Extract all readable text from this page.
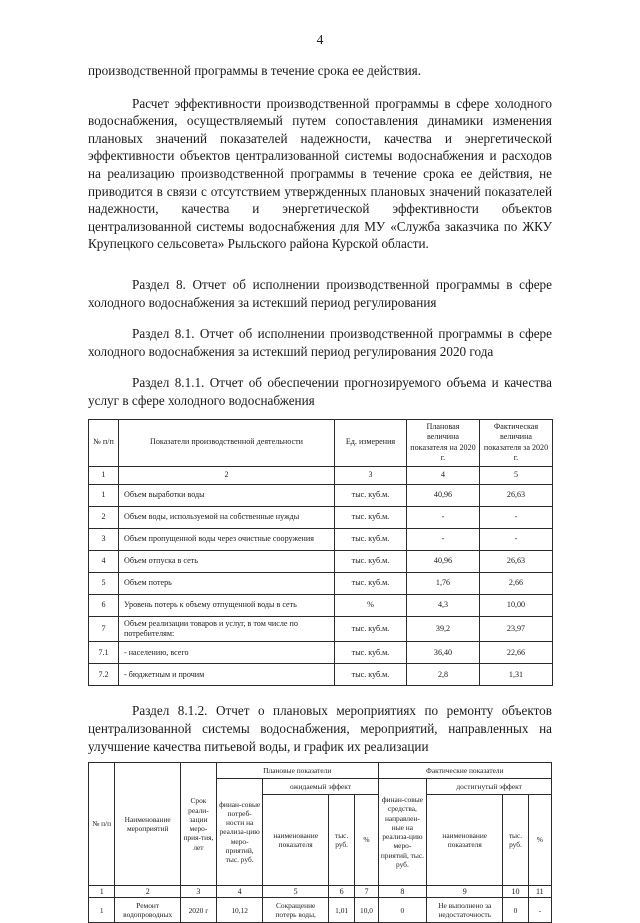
4

производственной программы в течение срока ее действия.

Расчет эффективности производственной программы в сфере холодного водоснабжения, осуществляемый путем сопоставления динамики изменения плановых значений показателей надежности, качества и энергетической эффективности объектов централизованной системы водоснабжения и расходов на реализацию производственной программы в течение срока ее действия, не приводится в связи с отсутствием утвержденных плановых значений показателей надежности, качества и энергетической эффективности объектов централизованной системы водоснабжения для МУ «Служба заказчика по ЖКУ Крупецкого сельсовета» Рыльского района Курской области.

Раздел 8. Отчет об исполнении производственной программы в сфере холодного водоснабжения за истекший период регулирования

Раздел 8.1. Отчет об исполнении производственной программы в сфере холодного водоснабжения за истекший период регулирования 2020 года

Раздел 8.1.1. Отчет об обеспечении прогнозируемого объема и качества услуг в сфере холодного водоснабжения

№ п/п	Показатели производственной деятельности	Ед. измерения	Плановая величина показателя на 2020 г.	Фактическая величина показателя за 2020 г.
1	2	3	4	5
1	Объем выработки воды	тыс. куб.м.	40,96	26,63
2	Объем воды, используемой на собственные нужды	тыс. куб.м.	-	-
3	Объем пропущенной воды через очистные сооружения	тыс. куб.м.	-	-
4	Объем отпуска в сеть	тыс. куб.м.	40,96	26,63
5	Объем потерь	тыс. куб.м.	1,76	2,66
6	Уровень потерь к объему отпущенной воды в сеть	%	4,3	10,00
7	Объем реализации товаров и услуг, в том числе по потребителям:	тыс. куб.м.	39,2	23,97
7.1	- населению, всего	тыс. куб.м.	36,40	22,66
7.2	- бюджетным и прочим	тыс. куб.м.	2,8	1,31

Раздел 8.1.2. Отчет о плановых мероприятиях по ремонту объектов централизованной системы водоснабжения, мероприятий, направленных на улучшение качества питьевой воды, и график их реализации

№ п/п	Наименование мероприятий	Срок реали-зации меро-прия-тия, лет	Плановые показатели				Фактические показатели			
			финан-совые потреб-ности на реализа-цию меро-приятий, тыс. руб.	ожидаемый эффект			финан-совые средства, направлен-ные на реализа-цию меро-приятий, тыс. руб.	достигнутый эффект		
				наименование показателя	тыс. руб.	%		наименование показателя	тыс. руб.	%
1	2	3	4	5	6	7	8	9	10	11
1	Ремонт водопроводных	2020 г	10,12	Сокращение потерь воды,	1,01	10,0	0	Не выполнено за недостаточность	0	-
